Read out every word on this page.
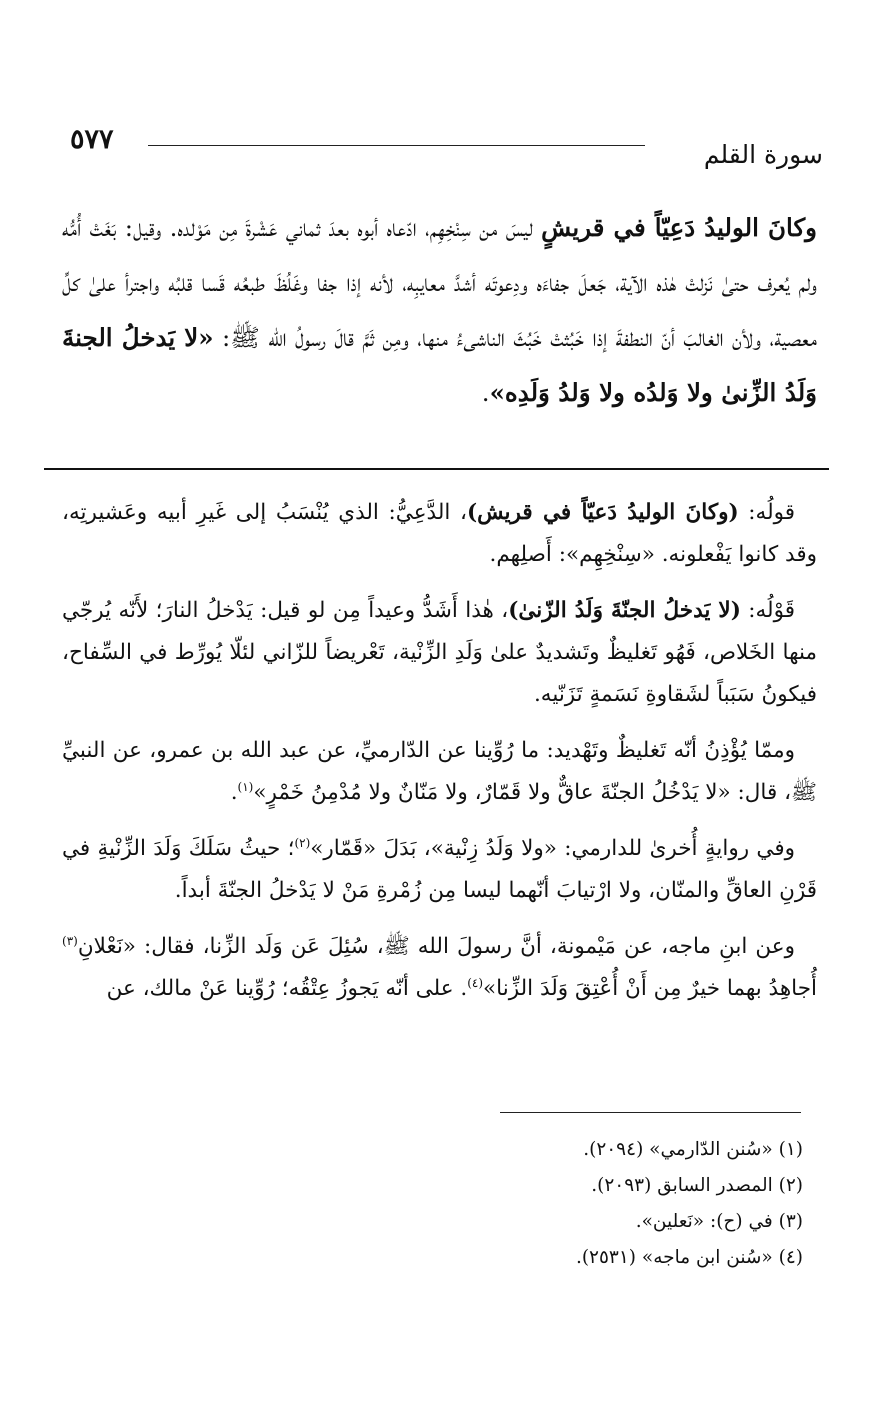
سورة القلم
٥٧٧

وكانَ الوليدُ دَعِيّاً في قريشٍ ليسَ من سِنْخِهِم، ادّعاه أبوه بعدَ ثماني عَشْرةَ مِن مَوْلده. وقيل: بَغَتْ أُمُّه ولم يُعرف حتىٰ نَزلتْ هٰذه الآية، جَعلَ جفاءَه ودِعوتَه أشدَّ معايبِه، لأنه إذا جفا وغَلُظَ طبعُه قَسا قلبُه واجترأ علىٰ كلِّ معصية، ولأن الغالبَ أنّ النطفةَ إذا خَبُثتْ خَبُثَ الناشىءُ منها، ومِن ثَمَّ قالَ رسولُ الله ﷺ: «لا يَدخلُ الجنةَ وَلَدُ الزِّنىٰ ولا وَلدُه ولا وَلدُ وَلَدِه».

قولُه: (وكانَ الوليدُ دَعيّاً في قريش)، الدَّعِيُّ: الذي يُنْسَبُ إلى غَيرِ أبيه وعَشيرتِه، وقد كانوا يَفْعلونه. «سِنْخِهِم»: أَصلِهم.

قَوْلُه: (لا يَدخلُ الجنّةَ وَلَدُ الزّنىٰ)، هٰذا أَشَدُّ وعيداً مِن لو قيل: يَدْخلُ النارَ؛ لأَنّه يُرجّي منها الخَلاص، فَهُو تَغليظٌ وتَشديدٌ علىٰ وَلَدِ الزِّنْية، تَعْريضاً للزّاني لئلّا يُورِّط في السِّفاح، فيكونُ سَبَباً لشَقاوةِ نَسَمةٍ تَزَنّيه.

وممّا يُؤْذِنُ أنّه تَغليظٌ وتَهْديد: ما رُوِّينا عن الدّارميِّ، عن عبد الله بن عمرو، عن النبيِّ ﷺ، قال: «لا يَدْخُلُ الجنّةَ عاقٌّ ولا قَمّارٌ، ولا مَنّانٌ ولا مُدْمِنُ خَمْرٍ»$^{(١)}$.

وفي روايةٍ أُخرىٰ للدارمي: «ولا وَلَدُ زِنْية»، بَدَلَ «قَمّار»$^{(٢)}$؛ حيثُ سَلَكَ وَلَدَ الزِّنْيةِ في قَرْنِ العاقِّ والمنّان، ولا ارْتيابَ أنّهما ليسا مِن زُمْرةِ مَنْ لا يَدْخلُ الجنّةَ أبداً.

وعن ابنِ ماجه، عن مَيْمونة، أنَّ رسولَ الله ﷺ، سُئِلَ عَن وَلَد الزِّنا، فقال: «نَعْلانِ$^{(٣)}$ أُجاهِدُ بهما خيرٌ مِن أَنْ أُعْتِقَ وَلَدَ الزِّنا»$^{(٤)}$. على أنّه يَجوزُ عِتْقُه؛ رُوِّينا عَنْ مالك، عن

(١) «سُنن الدّارمي» (٢٠٩٤).
(٢) المصدر السابق (٢٠٩٣).
(٣) في (ح): «نَعلين».
(٤) «سُنن ابن ماجه» (٢٥٣١).
